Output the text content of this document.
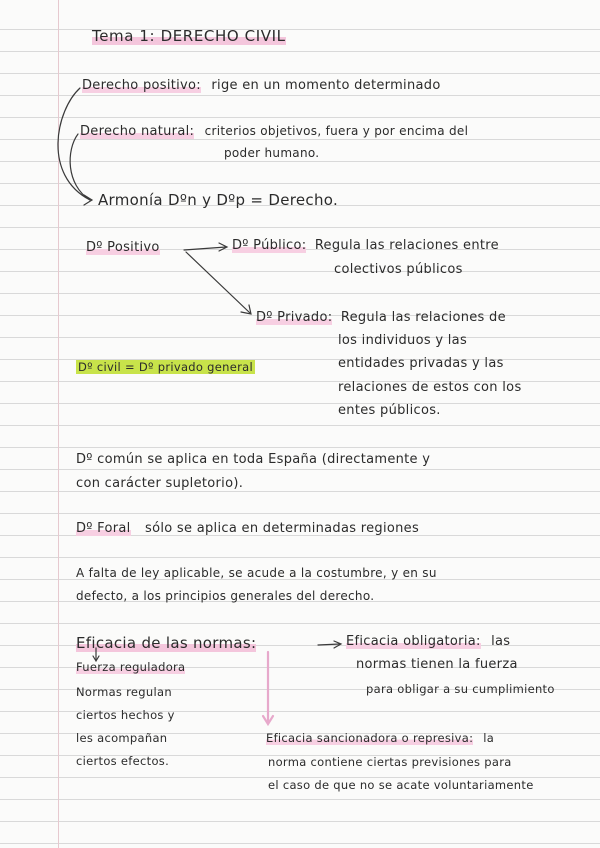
Tema 1: DERECHO CIVIL
Derecho positivo: rige en un momento determinado
Derecho natural: criterios objetivos, fuera y por encima del
poder humano.
Armonía Dºn y Dºp = Derecho.
Dº Positivo	Dº Público: Regula las relaciones entre
colectivos públicos
Dº Privado: Regula las relaciones de
los individuos y las
entidades privadas y las
relaciones de estos con los
entes públicos.
Dº civil = Dº privado general
Dº común se aplica en toda España (directamente y
con carácter supletorio).
Dº Foral sólo se aplica en determinadas regiones
A falta de ley aplicable, se acude a la costumbre, y en su
defecto, a los principios generales del derecho.
Eficacia de las normas:
Fuerza reguladora
Normas regulan
ciertos hechos y
les acompañan
ciertos efectos.
Eficacia obligatoria: las
normas tienen la fuerza
para obligar a su cumplimiento
Eficacia sancionadora o represiva: la
norma contiene ciertas previsiones para
el caso de que no se acate voluntariamente
